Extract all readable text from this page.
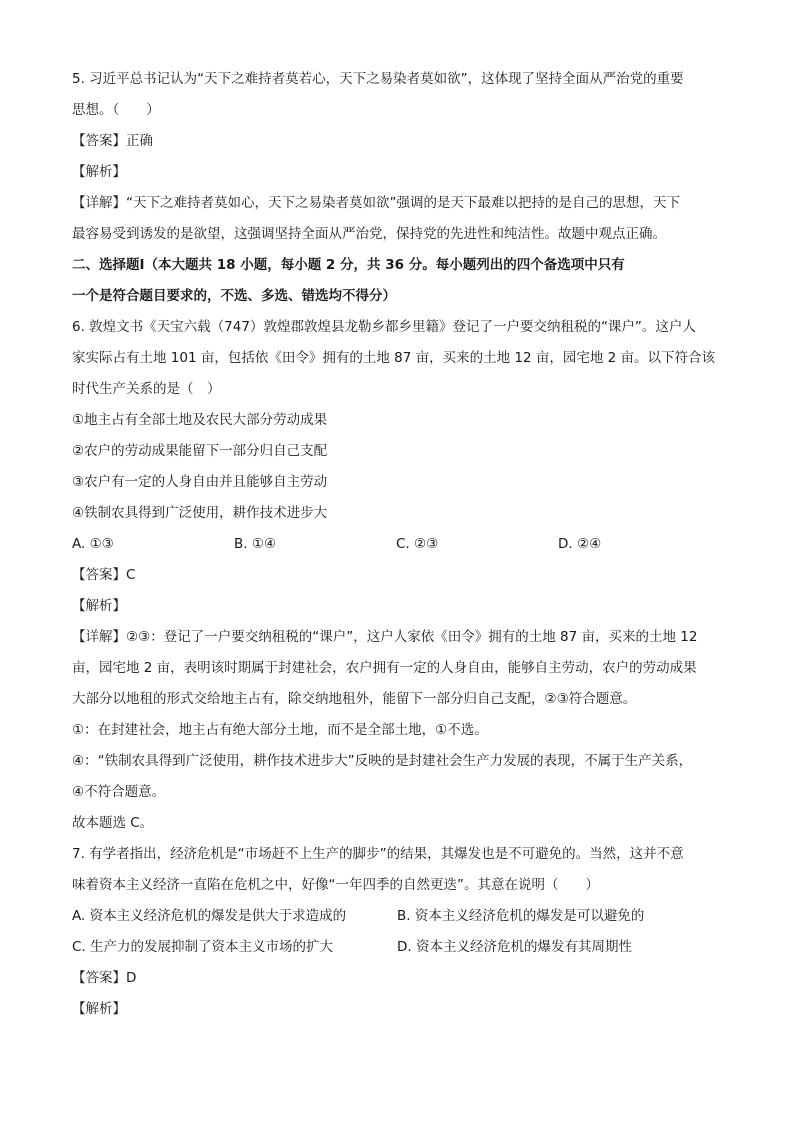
5. 习近平总书记认为“天下之难持者莫若心，天下之易染者莫如欲”，这体现了坚持全面从严治党的重要
思想。（　　）
【答案】正确
【解析】
【详解】“天下之难持者莫如心，天下之易染者莫如欲”强调的是天下最难以把持的是自己的思想，天下
最容易受到诱发的是欲望，这强调坚持全面从严治党，保持党的先进性和纯洁性。故题中观点正确。
二、选择题Ⅰ（本大题共 18 小题，每小题 2 分，共 36 分。每小题列出的四个备选项中只有
一个是符合题目要求的，不选、多选、错选均不得分）
6. 敦煌文书《天宝六载（747）敦煌郡敦煌县龙勒乡都乡里籍》登记了一户要交纳租税的“课户”。这户人
家实际占有土地 101 亩，包括依《田令》拥有的土地 87 亩，买来的土地 12 亩，园宅地 2 亩。以下符合该
时代生产关系的是（　）
①地主占有全部土地及农民大部分劳动成果
②农户的劳动成果能留下一部分归自己支配
③农户有一定的人身自由并且能够自主劳动
④铁制农具得到广泛使用，耕作技术进步大
A. ①③	B. ①④	C. ②③	D. ②④
【答案】C
【解析】
【详解】②③：登记了一户要交纳租税的“课户”，这户人家依《田令》拥有的土地 87 亩，买来的土地 12
亩，园宅地 2 亩，表明该时期属于封建社会，农户拥有一定的人身自由，能够自主劳动，农户的劳动成果
大部分以地租的形式交给地主占有，除交纳地租外，能留下一部分归自己支配，②③符合题意。
①：在封建社会，地主占有绝大部分土地，而不是全部土地，①不选。
④：“铁制农具得到广泛使用，耕作技术进步大”反映的是封建社会生产力发展的表现，不属于生产关系，
④不符合题意。
故本题选 C。
7. 有学者指出，经济危机是“市场赶不上生产的脚步”的结果，其爆发也是不可避免的。当然，这并不意
味着资本主义经济一直陷在危机之中，好像“一年四季的自然更迭”。其意在说明（　　）
A. 资本主义经济危机的爆发是供大于求造成的	B. 资本主义经济危机的爆发是可以避免的
C. 生产力的发展抑制了资本主义市场的扩大	D. 资本主义经济危机的爆发有其周期性
【答案】D
【解析】
